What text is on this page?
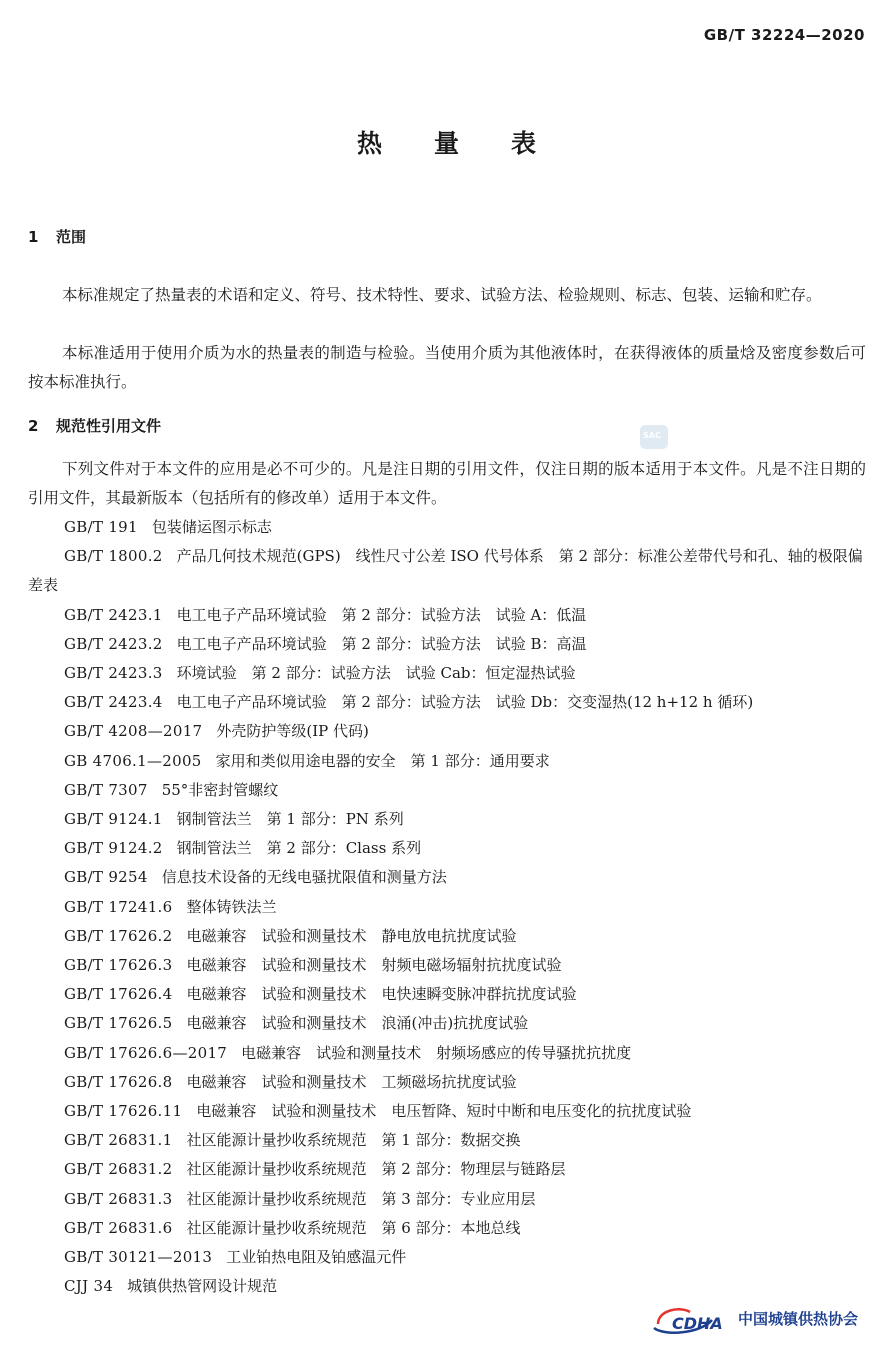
GB/T 32224—2020
热量表
1 范围

本标准规定了热量表的术语和定义、符号、技术特性、要求、试验方法、检验规则、标志、包装、运输和贮存。

本标准适用于使用介质为水的热量表的制造与检验。当使用介质为其他液体时，在获得液体的质量焓及密度参数后可按本标准执行。

2 规范性引用文件
SAC

下列文件对于本文件的应用是必不可少的。凡是注日期的引用文件，仅注日期的版本适用于本文件。凡是不注日期的引用文件，其最新版本（包括所有的修改单）适用于本文件。

GB/T 191 包装储运图示标志
GB/T 1800.2 产品几何技术规范(GPS)　线性尺寸公差 ISO 代号体系　第 2 部分：标准公差带代号和孔、轴的极限偏差表
GB/T 2423.1 电工电子产品环境试验　第 2 部分：试验方法　试验 A：低温
GB/T 2423.2 电工电子产品环境试验　第 2 部分：试验方法　试验 B：高温
GB/T 2423.3 环境试验　第 2 部分：试验方法　试验 Cab：恒定湿热试验
GB/T 2423.4 电工电子产品环境试验　第 2 部分：试验方法　试验 Db：交变湿热(12 h+12 h 循环)
GB/T 4208—2017 外壳防护等级(IP 代码)
GB 4706.1—2005 家用和类似用途电器的安全　第 1 部分：通用要求
GB/T 7307 55°非密封管螺纹
GB/T 9124.1 钢制管法兰　第 1 部分：PN 系列
GB/T 9124.2 钢制管法兰　第 2 部分：Class 系列
GB/T 9254 信息技术设备的无线电骚扰限值和测量方法
GB/T 17241.6 整体铸铁法兰
GB/T 17626.2 电磁兼容　试验和测量技术　静电放电抗扰度试验
GB/T 17626.3 电磁兼容　试验和测量技术　射频电磁场辐射抗扰度试验
GB/T 17626.4 电磁兼容　试验和测量技术　电快速瞬变脉冲群抗扰度试验
GB/T 17626.5 电磁兼容　试验和测量技术　浪涌(冲击)抗扰度试验
GB/T 17626.6—2017 电磁兼容　试验和测量技术　射频场感应的传导骚扰抗扰度
GB/T 17626.8 电磁兼容　试验和测量技术　工频磁场抗扰度试验
GB/T 17626.11 电磁兼容　试验和测量技术　电压暂降、短时中断和电压变化的抗扰度试验
GB/T 26831.1 社区能源计量抄收系统规范　第 1 部分：数据交换
GB/T 26831.2 社区能源计量抄收系统规范　第 2 部分：物理层与链路层
GB/T 26831.3 社区能源计量抄收系统规范　第 3 部分：专业应用层
GB/T 26831.6 社区能源计量抄收系统规范　第 6 部分：本地总线
GB/T 30121—2013 工业铂热电阻及铂感温元件
CJJ 34 城镇供热管网设计规范
CDHA 中国城镇供热协会
